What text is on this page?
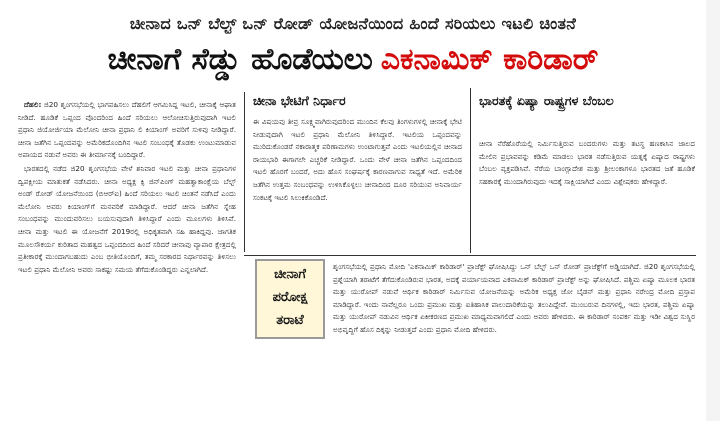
ಚೀನಾದ ಒನ್ ಬೆಲ್ಟ್ ಒನ್ ರೋಡ್ ಯೋಜನೆಯಿಂದ ಹಿಂದೆ ಸರಿಯಲು ಇಟಲಿ ಚಿಂತನೆ
ಚೀನಾಗೆ ಸೆಡ್ಡು ಹೊಡೆಯಲು ಎಕನಾಮಿಕ್ ಕಾರಿಡಾರ್

ದೆಹಲಿ: ಜಿ20 ಶೃಂಗಸಭೆಯಲ್ಲಿ ಭಾಗವಹಿಸಲು ದೆಹಲಿಗೆ ಆಗಮಿಸಿದ್ದ ಇಟಲಿ, ಚೀನಾಕ್ಕೆ ಆಘಾತ ನೀಡಿದೆ. ಹೂಡಿಕೆ ಒಪ್ಪಂದ ವೊಂದರಿಂದ ಹಿಂದೆ ಸರಿಯಲು ಆಲೋಚಿಸುತ್ತಿರುವುದಾಗಿ ಇಟಲಿ ಪ್ರಧಾನಿ ಜಿಯೋರ್ಜಿಯಾ ಮೆಲೋನಿ ಚೀನಾ ಪ್ರಧಾನಿ ಲಿ ಕಿಯಾಂಗ್ ಅವರಿಗೆ ಸುಳಿವು ನೀಡಿದ್ದಾರೆ. ಚೀನಾ ಜತೆಗಿನ ಒಪ್ಪಂದವನ್ನು ಅಮೆರಿಕದೊಂದಿಗಿನ ಇಟಲಿ ಸಂಬಂಧಕ್ಕೆ ತೊಡಕು ಉಂಟುಮಾಡುವ ಅಪಾಯದ ನಡುವೆ ಅವರು ಈ ತೀರ್ಮಾನಕ್ಕೆ ಬಂದಿದ್ದಾರೆ.

ಭಾರತದಲ್ಲಿ ನಡೆದ ಜಿ20 ಶೃಂಗಸಭೆಯ ವೇಳೆ ಶನಿವಾರ ಇಟಲಿ ಮತ್ತು ಚೀನಾ ಪ್ರಧಾನಿಗಳ ದ್ವಿಪಕ್ಷೀಯ ಮಾತುಕತೆ ನಡೆಸಿದರು. ಚೀನಾ ಅಧ್ಯಕ್ಷ ಕ್ಸಿ ಜಿನ್‌ಪಿಂಗ್ ಮಹತ್ವಾಕಾಂಕ್ಷೆಯ ಬೆಲ್ಟ್ ಅಂಡ್ ರೋಡ್ ಯೋಜನೆಯಿಂದ (ಬಿಆರ್‌ಐ) ಹಿಂದೆ ಸರಿಯಲು ಇಟಲಿ ಚಿಂತನೆ ನಡೆಸಿದೆ ಎಂದು ಮೆಲೋನಿ ಅವರು ಕಿಯಾಂಗ್‌ಗೆ ಮನವರಿಕೆ ಮಾಡಿದ್ದಾರೆ. ಆದರೆ ಚೀನಾ ಜತೆಗಿನ ಸ್ನೇಹ ಸಂಬಂಧವನ್ನು ಮುಂದುವರಿಸಲು ಬಯಸುವುದಾಗಿ ತಿಳಿಸಿದ್ದಾರೆ ಎಂದು ಮೂಲಗಳು ತಿಳಿಸಿವೆ. ಚೀನಾ ಮತ್ತು ಇಟಲಿ ಈ ಯೋಜನೆಗೆ 2019ರಲ್ಲಿ ಅಧಿಕೃತವಾಗಿ ಸಹಿ ಹಾಕಿದ್ದವು. ಜಾಗತಿಕ ಮೂಲಸೌಕರ್ಯ ಕುರಿತಾದ ಮಹತ್ವದ ಒಪ್ಪಂದದಿಂದ ಹಿಂದೆ ಸರಿದರೆ ಚೀನಾವು ವ್ಯಾಪಾರ ಕ್ಷೇತ್ರದಲ್ಲಿ ಪ್ರತೀಕಾರಕ್ಕೆ ಮುಂದಾಗಬಹುದು ಎಂಬ ಭೀತಿಯೊಂದಿಗೆ, ತಮ್ಮ ಸರಕಾರದ ನಿರ್ಧಾರವನ್ನು ತಿಳಿಸಲು ಇಟಲಿ ಪ್ರಧಾನಿ ಮೆಲೋನಿ ಅವರು ಸಾಕಷ್ಟು ಸಮಯ ತೆಗೆದುಕೊಂಡಿದ್ದರು ಎನ್ನಲಾಗಿದೆ.

ಚೀನಾ ಭೇಟಿಗೆ ನಿರ್ಧಾರ
ಈ ವಿಷಯವು ತೀವ್ರ ಸೂಕ್ಷ್ಮವಾಗಿರುವುದರಿಂದ ಮುಂದಿನ ಕೆಲವು ತಿಂಗಳುಗಳಲ್ಲಿ ಚೀನಾಕ್ಕೆ ಭೇಟಿ ನೀಡುವುದಾಗಿ ಇಟಲಿ ಪ್ರಧಾನಿ ಮೆಲೋನಿ ತಿಳಿಸಿದ್ದಾರೆ. ಇಟಲಿಯ ಒಪ್ಪಂದವನ್ನು ಮುರಿದುಕೊಂಡರೆ ನಕಾರಾತ್ಮಕ ಪರಿಣಾಮಗಳು ಉಂಟಾಗುತ್ತವೆ ಎಂದು ಇಟಲಿಯಲ್ಲಿನ ಚೀನಾದ ರಾಯಭಾರಿ ಈಗಾಗಲೇ ಎಚ್ಚರಿಕೆ ನೀಡಿದ್ದಾರೆ. ಒಂದು ವೇಳೆ ಚೀನಾ ಜತೆಗಿನ ಒಪ್ಪಂದದಿಂದ ಇಟಲಿ ಹೊರಗೆ ಬಂದರೆ, ಅದು ಹೊಸ ಸಂಘರ್ಷಕ್ಕೆ ಕಾರಣವಾಗುವ ಸಾಧ್ಯತೆ ಇದೆ. ಅಮೆರಿಕ ಜತೆಗಿನ ಉತ್ತಮ ಸಂಬಂಧವನ್ನು ಉಳಿಸಿಕೊಳ್ಳಲು ಚೀನಾದಿಂದ ದೂರ ಸರಿಯುವ ಅನಿವಾರ್ಯ ಸಂಕಟಕ್ಕೆ ಇಟಲಿ ಸಿಲುಕಿಕೊಂಡಿದೆ.
ಭಾರತಕ್ಕೆ ಏಷ್ಯಾ ರಾಷ್ಟ್ರಗಳ ಬೆಂಬಲ
ಚೀನಾ ನೆರೆಹೊರೆಯಲ್ಲಿ ನಿರ್ಮಿಸುತ್ತಿರುವ ಬಂದರುಗಳು ಮತ್ತು ತಟಸ್ಥ ಹಣಕಾಸಿನ ಜಾಲದ ಮೇಲಿನ ಪ್ರಭಾವವನ್ನು ಕಡಿಮೆ ಮಾಡಲು ಭಾರತ ನಡೆಸುತ್ತಿರುವ ಯತ್ನಕ್ಕೆ ಏಷ್ಯಾದ ರಾಷ್ಟ್ರಗಳು ಬೆಂಬಲ ವ್ಯಕ್ತಪಡಿಸಿವೆ. ನೆರೆಯ ಬಾಂಗ್ಲಾದೇಶ ಮತ್ತು ಶ್ರೀಲಂಕಾಗಳೂ ಭಾರತದ ಜತೆ ಹೂಡಿಕೆ ಸಹಕಾರಕ್ಕೆ ಮುಂದಾಗಿರುವುದು ಇದಕ್ಕೆ ಸಾಕ್ಷಿಯಾಗಿದೆ ಎಂದು ವಿಶ್ಲೇಷಕರು ಹೇಳಿದ್ದಾರೆ.
ಚೀನಾಗೆ
ಪರೋಕ್ಷ
ತರಾಟೆ
ಶೃಂಗಸಭೆಯಲ್ಲಿ ಪ್ರಧಾನಿ ಮೋದಿ 'ಎಕನಾಮಿಕ್ ಕಾರಿಡಾರ್' ಪ್ರಾಜೆಕ್ಟ್ ಘೋಷಿಸಿದ್ದು ಒನ್ ಬೆಲ್ಟ್ ಒನ್ ರೋಡ್ ಪ್ರಾಜೆಕ್ಟ್‌ಗೆ ಅಡ್ಡಿಯಾಗಿದೆ. ಜಿ20 ಶೃಂಗಸಭೆಯಲ್ಲಿ ಪ್ರಶ್ನೆಯಾಗಿ ತರಾಟೆಗೆ ತೆಗೆದುಕೊಂಡಿರುವ ಭಾರತ, ಅದಕ್ಕೆ ಪರ್ಯಾಯವಾದ ಎಕನಾಮಿಕ್ ಕಾರಿಡಾರ್ ಪ್ರಾಜೆಕ್ಟ್ ಅನ್ನು ಘೋಷಿಸಿದೆ. ಪಶ್ಚಿಮ ಏಷ್ಯಾ ಮೂಲಕ ಭಾರತ ಮತ್ತು ಯುರೋಪ್ ನಡುವೆ ಆರ್ಥಿಕ ಕಾರಿಡಾರ್ ನಿರ್ಮಿಸುವ ಯೋಜನೆಯನ್ನು ಅಮೆರಿಕ ಅಧ್ಯಕ್ಷ ಜೋ ಬೈಡನ್ ಮತ್ತು ಪ್ರಧಾನಿ ನರೇಂದ್ರ ಮೋದಿ ಪ್ರಸ್ತಾಪ ಮಾಡಿದ್ದಾರೆ. ಇಂದು ನಾವೆಲ್ಲರೂ ಒಂದು ಪ್ರಮುಖ ಮತ್ತು ಐತಿಹಾಸಿಕ ಪಾಲುದಾರಿಕೆಯನ್ನು ತಲುಪಿದ್ದೇವೆ. ಮುಂಬರುವ ದಿನಗಳಲ್ಲಿ, ಇದು ಭಾರತ, ಪಶ್ಚಿಮ ಏಷ್ಯಾ ಮತ್ತು ಯುರೋಪ್ ನಡುವಿನ ಆರ್ಥಿಕ ಏಕೀಕರಣದ ಪ್ರಮುಖ ಮಾಧ್ಯಮವಾಗಲಿದೆ ಎಂದು ಅವರು ಹೇಳಿದರು. ಈ ಕಾರಿಡಾರ್ ಸಂಪರ್ಕ ಮತ್ತು ಇಡೀ ವಿಶ್ವದ ಸುಸ್ಥಿರ ಅಭಿವೃದ್ಧಿಗೆ ಹೊಸ ದಿಕ್ಕನ್ನು ನೀಡುತ್ತದೆ ಎಂದು ಪ್ರಧಾನಿ ಮೋದಿ ಹೇಳಿದರು.
